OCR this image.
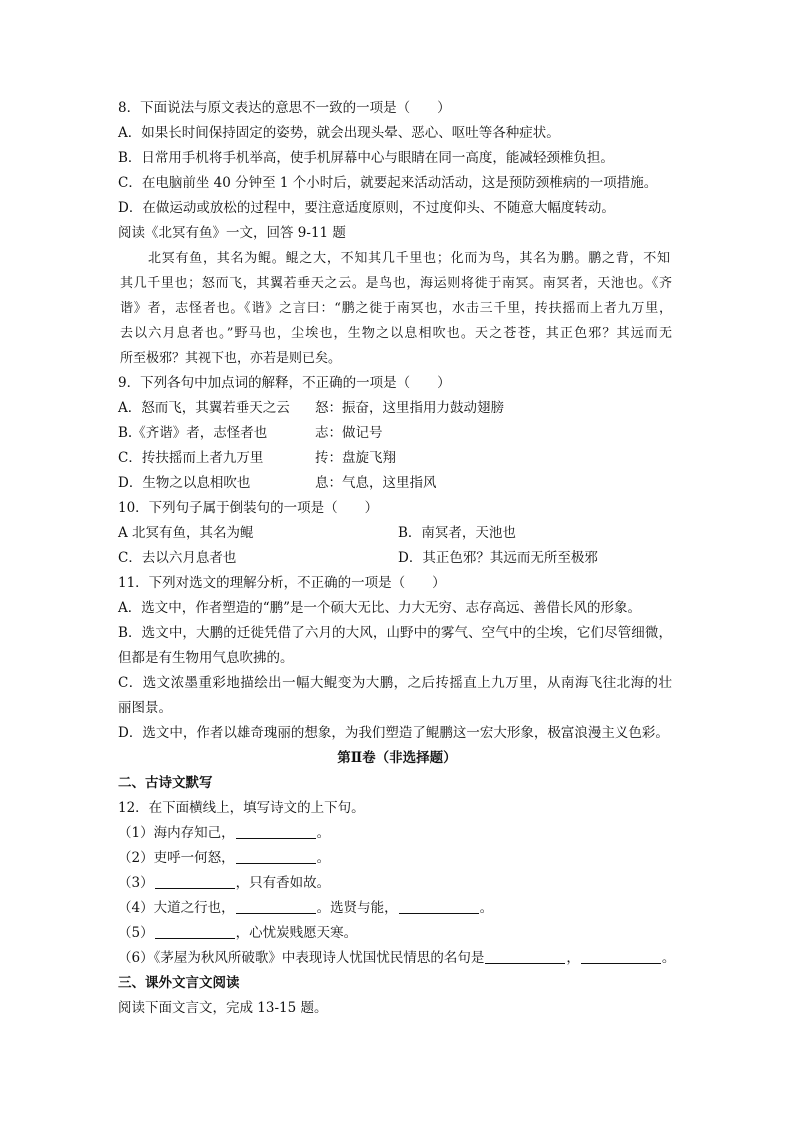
8．下面说法与原文表达的意思不一致的一项是（　　）
A．如果长时间保持固定的姿势，就会出现头晕、恶心、呕吐等各种症状。
B．日常用手机将手机举高，使手机屏幕中心与眼睛在同一高度，能减轻颈椎负担。
C．在电脑前坐 40 分钟至 1 个小时后，就要起来活动活动，这是预防颈椎病的一项措施。
D．在做运动或放松的过程中，要注意适度原则，不过度仰头、不随意大幅度转动。
阅读《北冥有鱼》一文，回答 9-11 题
北冥有鱼，其名为鲲。鲲之大，不知其几千里也；化而为鸟，其名为鹏。鹏之背，不知
其几千里也；怒而飞，其翼若垂天之云。是鸟也，海运则将徙于南冥。南冥者，天池也。《齐
谐》者，志怪者也。《谐》之言曰：“鹏之徙于南冥也，水击三千里，抟扶摇而上者九万里，
去以六月息者也。”野马也，尘埃也，生物之以息相吹也。天之苍苍，其正色邪？其远而无
所至极邪？其视下也，亦若是则已矣。
9．下列各句中加点词的解释，不正确的一项是（　　）
A．怒而飞，其翼若垂天之云	怒：振奋，这里指用力鼓动翅膀
B.《齐谐》者，志怪者也	志：做记号
C．抟扶摇而上者九万里	抟：盘旋飞翔
D．生物之以息相吹也	息：气息，这里指风
10．下列句子属于倒装句的一项是（　　）
A 北冥有鱼，其名为鲲	B．南冥者，天池也
C．去以六月息者也	D．其正色邪？其远而无所至极邪
11．下列对选文的理解分析，不正确的一项是（　　）
A．选文中，作者塑造的“鹏”是一个硕大无比、力大无穷、志存高远、善借长风的形象。
B．选文中，大鹏的迁徙凭借了六月的大风，山野中的雾气、空气中的尘埃，它们尽管细微，
但都是有生物用气息吹拂的。
C．选文浓墨重彩地描绘出一幅大鲲变为大鹏，之后抟摇直上九万里，从南海飞往北海的壮
丽图景。
D．选文中，作者以雄奇瑰丽的想象，为我们塑造了鲲鹏这一宏大形象，极富浪漫主义色彩。
第Ⅱ卷（非选择题）
二、古诗文默写
12．在下面横线上，填写诗文的上下句。
（1）海内存知己，	。
（2）吏呼一何怒，	。
（3）	，只有香如故。
（4）大道之行也，	。选贤与能，	。
（5）	，心忧炭贱愿天寒。
（6）《茅屋为秋风所破歌》中表现诗人忧国忧民情思的名句是	，	。
三、课外文言文阅读
阅读下面文言文，完成 13-15 题。
